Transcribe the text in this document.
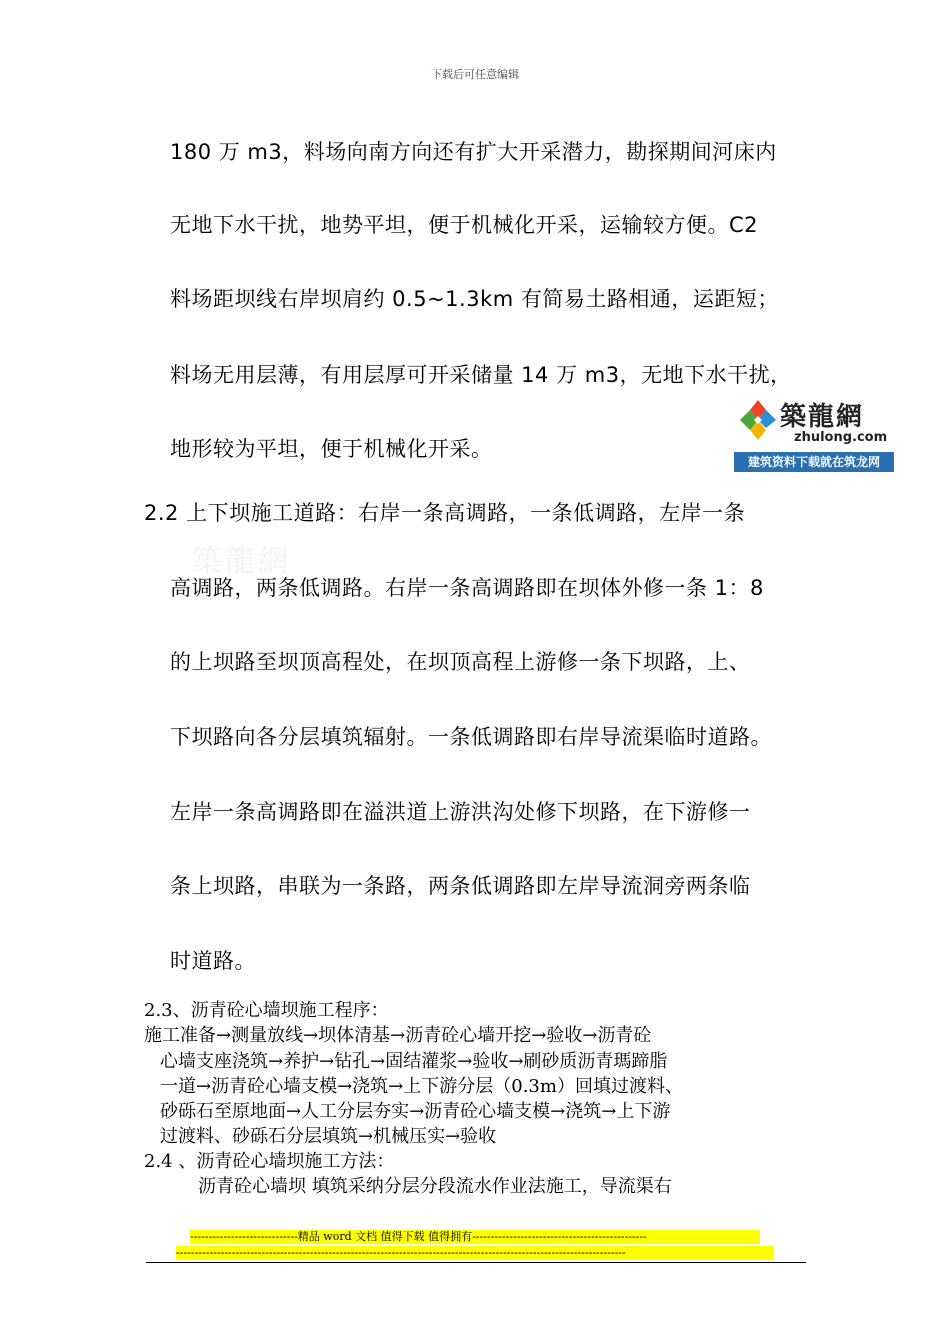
下载后可任意编辑
180 万 m3，料场向南方向还有扩大开采潜力，勘探期间河床内
无地下水干扰，地势平坦，便于机械化开采，运输较方便。C2
料场距坝线右岸坝肩约 0.5~1.3km 有简易土路相通，运距短；
料场无用层薄，有用层厚可开采储量 14 万 m3，无地下水干扰，
地形较为平坦，便于机械化开采。
築龍網
zhulong.com
建筑资料下载就在筑龙网
築龍網
2.2 上下坝施工道路：右岸一条高调路，一条低调路，左岸一条
高调路，两条低调路。右岸一条高调路即在坝体外修一条 1：8
的上坝路至坝顶高程处，在坝顶高程上游修一条下坝路，上、
下坝路向各分层填筑辐射。一条低调路即右岸导流渠临时道路。
左岸一条高调路即在溢洪道上游洪沟处修下坝路，在下游修一
条上坝路，串联为一条路，两条低调路即左岸导流洞旁两条临
时道路。
2.3、沥青砼心墙坝施工程序：
施工准备→测量放线→坝体清基→沥青砼心墙开挖→验收→沥青砼
心墙支座浇筑→养护→钻孔→固结灌浆→验收→刷砂质沥青瑪蹄脂
一道→沥青砼心墙支模→浇筑→上下游分层（0.3m）回填过渡料、
砂砾石至原地面→人工分层夯实→沥青砼心墙支模→浇筑→上下游
过渡料、砂砾石分层填筑→机械压实→验收
2.4 、沥青砼心墙坝施工方法：
沥青砼心墙坝 填筑采纳分层分段流水作业法施工，导流渠右
-----------------------------精品 word 文档 值得下载 值得拥有-----------------------------------------------
-------------------------------------------------------------------------------------------------------------------------
